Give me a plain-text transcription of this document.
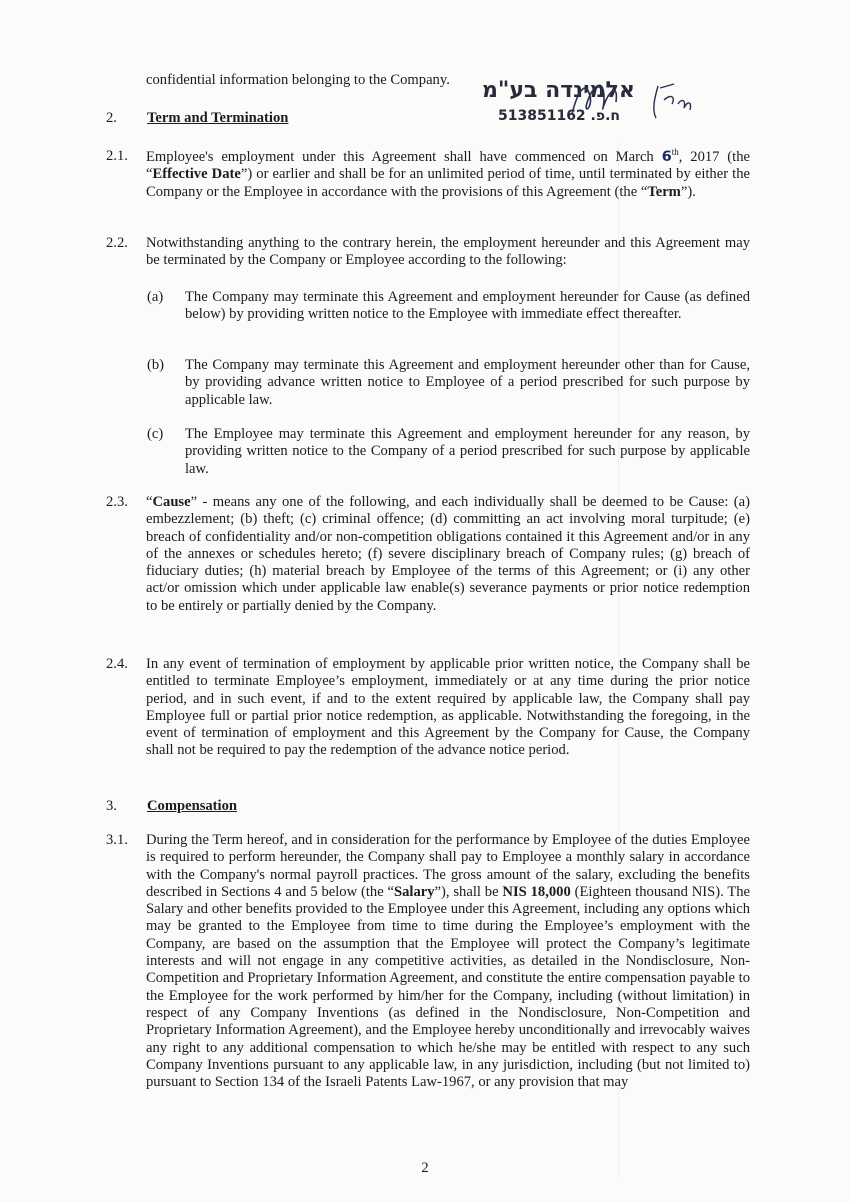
confidential information belonging to the Company.	אלמינדה בע"מ
ח.פ. 513851162
2. Term and Termination
2.1. Employee's employment under this Agreement shall have commenced on March 6th, 2017 (the “Effective Date”) or earlier and shall be for an unlimited period of time, until terminated by either the Company or the Employee in accordance with the provisions of this Agreement (the “Term”).
2.2. Notwithstanding anything to the contrary herein, the employment hereunder and this Agreement may be terminated by the Company or Employee according to the following:
(a) The Company may terminate this Agreement and employment hereunder for Cause (as defined below) by providing written notice to the Employee with immediate effect thereafter.
(b) The Company may terminate this Agreement and employment hereunder other than for Cause, by providing advance written notice to Employee of a period prescribed for such purpose by applicable law.
(c) The Employee may terminate this Agreement and employment hereunder for any reason, by providing written notice to the Company of a period prescribed for such purpose by applicable law.
2.3. “Cause” - means any one of the following, and each individually shall be deemed to be Cause: (a) embezzlement; (b) theft; (c) criminal offence; (d) committing an act involving moral turpitude; (e) breach of confidentiality and/or non-competition obligations contained it this Agreement and/or in any of the annexes or schedules hereto; (f) severe disciplinary breach of Company rules; (g) breach of fiduciary duties; (h) material breach by Employee of the terms of this Agreement; or (i) any other act/or omission which under applicable law enable(s) severance payments or prior notice redemption to be entirely or partially denied by the Company.
2.4. In any event of termination of employment by applicable prior written notice, the Company shall be entitled to terminate Employee’s employment, immediately or at any time during the prior notice period, and in such event, if and to the extent required by applicable law, the Company shall pay Employee full or partial prior notice redemption, as applicable. Notwithstanding the foregoing, in the event of termination of employment and this Agreement by the Company for Cause, the Company shall not be required to pay the redemption of the advance notice period.
3. Compensation
3.1. During the Term hereof, and in consideration for the performance by Employee of the duties Employee is required to perform hereunder, the Company shall pay to Employee a monthly salary in accordance with the Company's normal payroll practices. The gross amount of the salary, excluding the benefits described in Sections 4 and 5 below (the “Salary”), shall be NIS 18,000 (Eighteen thousand NIS). The Salary and other benefits provided to the Employee under this Agreement, including any options which may be granted to the Employee from time to time during the Employee’s employment with the Company, are based on the assumption that the Employee will protect the Company’s legitimate interests and will not engage in any competitive activities, as detailed in the Nondisclosure, Non-Competition and Proprietary Information Agreement, and constitute the entire compensation payable to the Employee for the work performed by him/her for the Company, including (without limitation) in respect of any Company Inventions (as defined in the Nondisclosure, Non-Competition and Proprietary Information Agreement), and the Employee hereby unconditionally and irrevocably waives any right to any additional compensation to which he/she may be entitled with respect to any such Company Inventions pursuant to any applicable law, in any jurisdiction, including (but not limited to) pursuant to Section 134 of the Israeli Patents Law-1967, or any provision that may
2
